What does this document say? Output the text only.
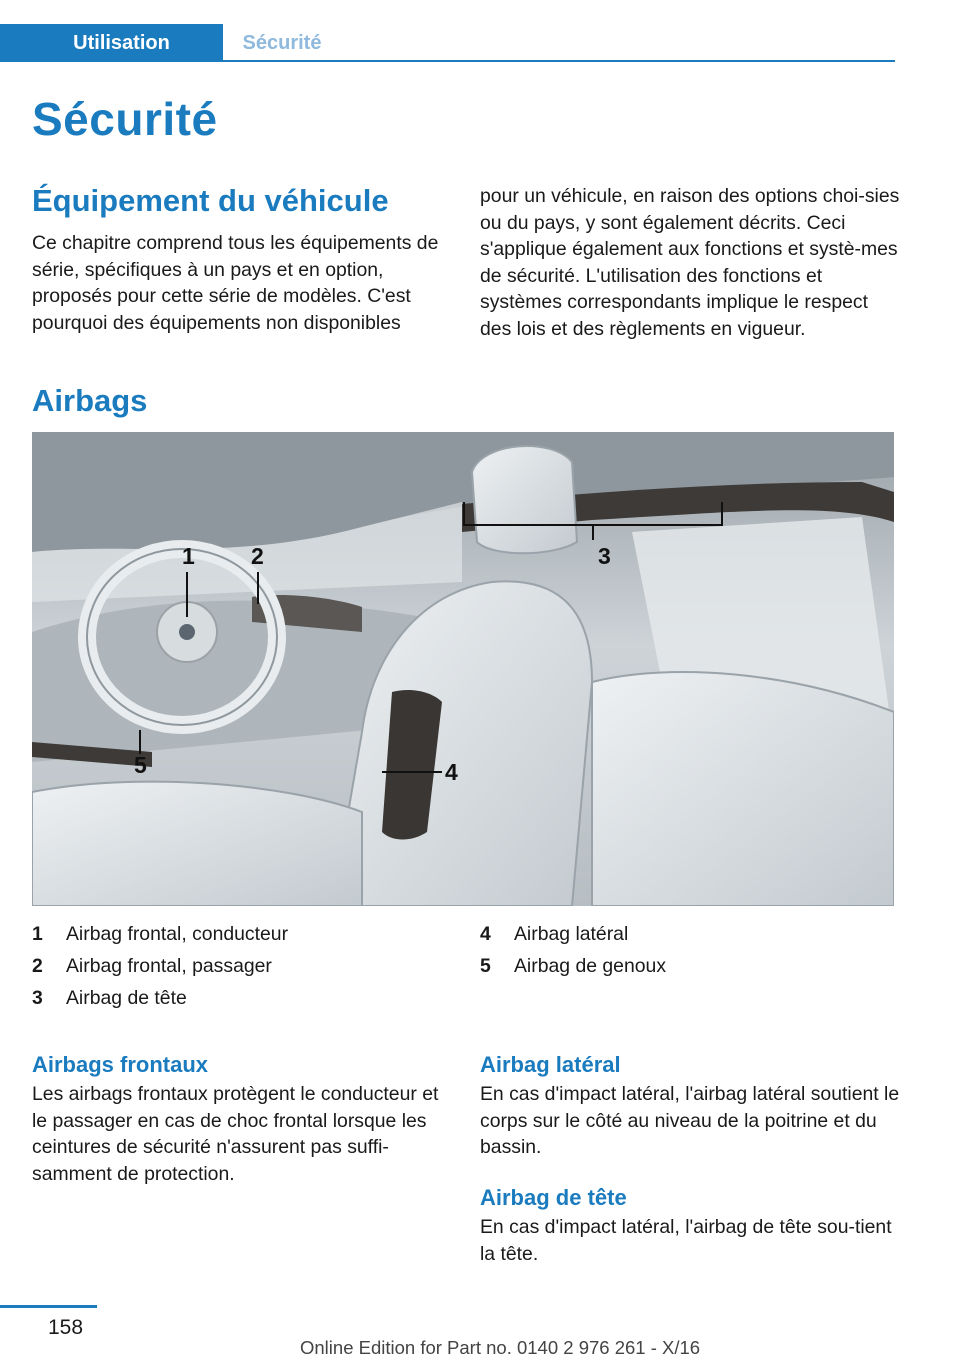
Utilisation	Sécurité
Sécurité
Équipement du véhicule

Ce chapitre comprend tous les équipements de série, spécifiques à un pays et en option, proposés pour cette série de modèles. C'est pourquoi des équipements non disponibles

pour un véhicule, en raison des options choi‐sies ou du pays, y sont également décrits. Ceci s'applique également aux fonctions et systè‐mes de sécurité. L'utilisation des fonctions et systèmes correspondants implique le respect des lois et des règlements en vigueur.

Airbags
1 2	3
4
5
1	Airbag frontal, conducteur
2	Airbag frontal, passager
3	Airbag de tête
4	Airbag latéral
5	Airbag de genoux
Airbags frontaux

Les airbags frontaux protègent le conducteur et le passager en cas de choc frontal lorsque les ceintures de sécurité n'assurent pas suffi‐samment de protection.

Airbag latéral

En cas d'impact latéral, l'airbag latéral soutient le corps sur le côté au niveau de la poitrine et du bassin.

Airbag de tête

En cas d'impact latéral, l'airbag de tête sou‐tient la tête.

158
Online Edition for Part no. 0140 2 976 261 - X/16
